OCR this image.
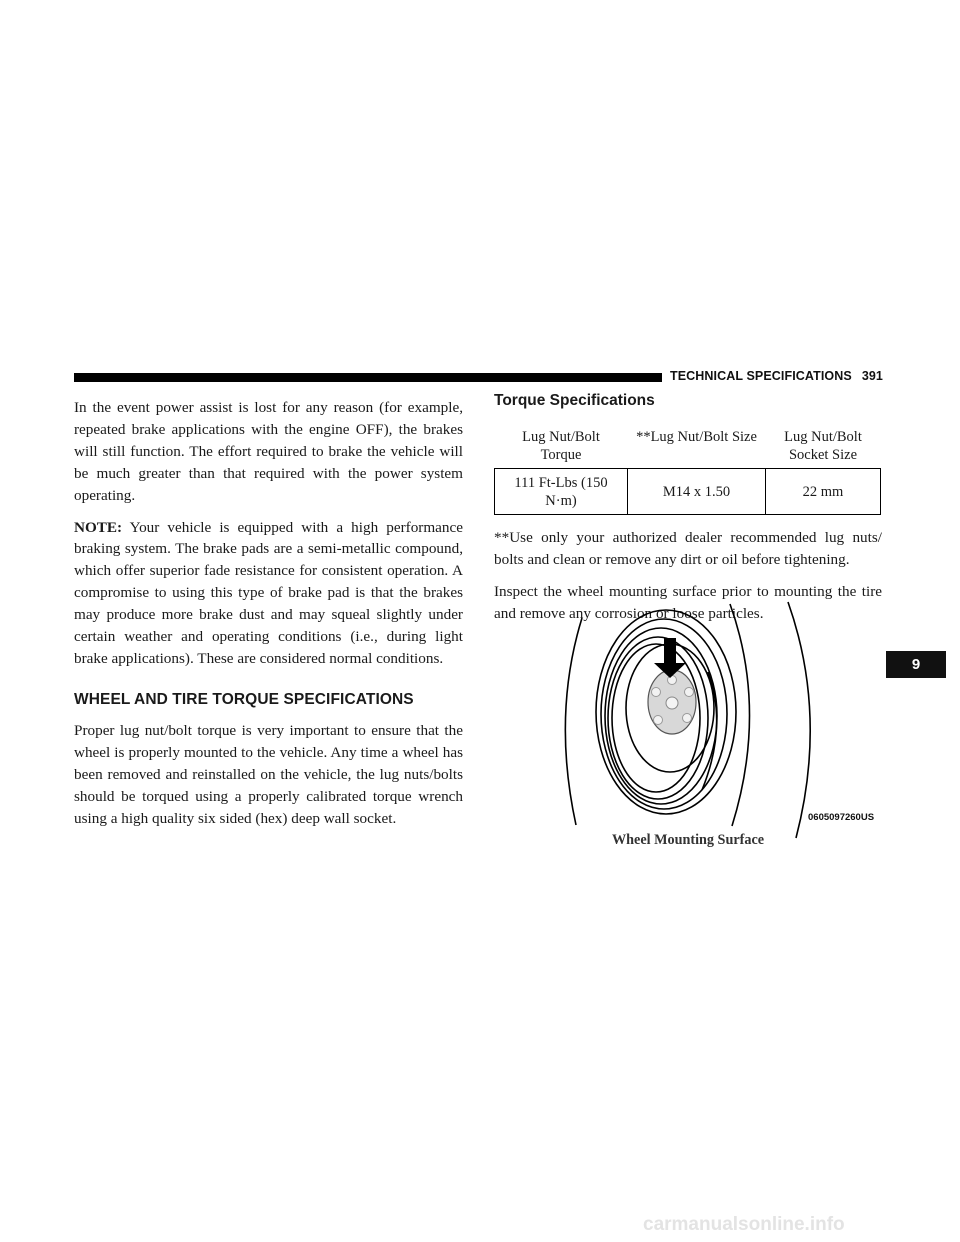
TECHNICAL SPECIFICATIONS 391

In the event power assist is lost for any reason (for example, repeated brake applications with the engine OFF), the brakes will still function. The effort required to brake the vehicle will be much greater than that required with the power system operating.

NOTE: Your vehicle is equipped with a high performance braking system. The brake pads are a semi-metallic compound, which offer superior fade resistance for consistent operation. A compromise to using this type of brake pad is that the brakes may produce more brake dust and may squeal slightly under certain weather and operating conditions (i.e., during light brake applications). These are considered normal conditions.

WHEEL AND TIRE TORQUE SPECIFICATIONS

Proper lug nut/bolt torque is very important to ensure that the wheel is properly mounted to the vehicle. Any time a wheel has been removed and reinstalled on the vehicle, the lug nuts/bolts should be torqued using a properly calibrated torque wrench using a high quality six sided (hex) deep wall socket.

Torque Specifications
Lug Nut/Bolt Torque	**Lug Nut/Bolt Size	Lug Nut/Bolt Socket Size
111 Ft-Lbs (150 N·m)	M14 x 1.50	22 mm

**Use only your authorized dealer recommended lug nuts/ bolts and clean or remove any dirt or oil before tightening.

Inspect the wheel mounting surface prior to mounting the tire and remove any corrosion or loose particles.

0605097260US
Wheel Mounting Surface
9
carmanualsonline.info
